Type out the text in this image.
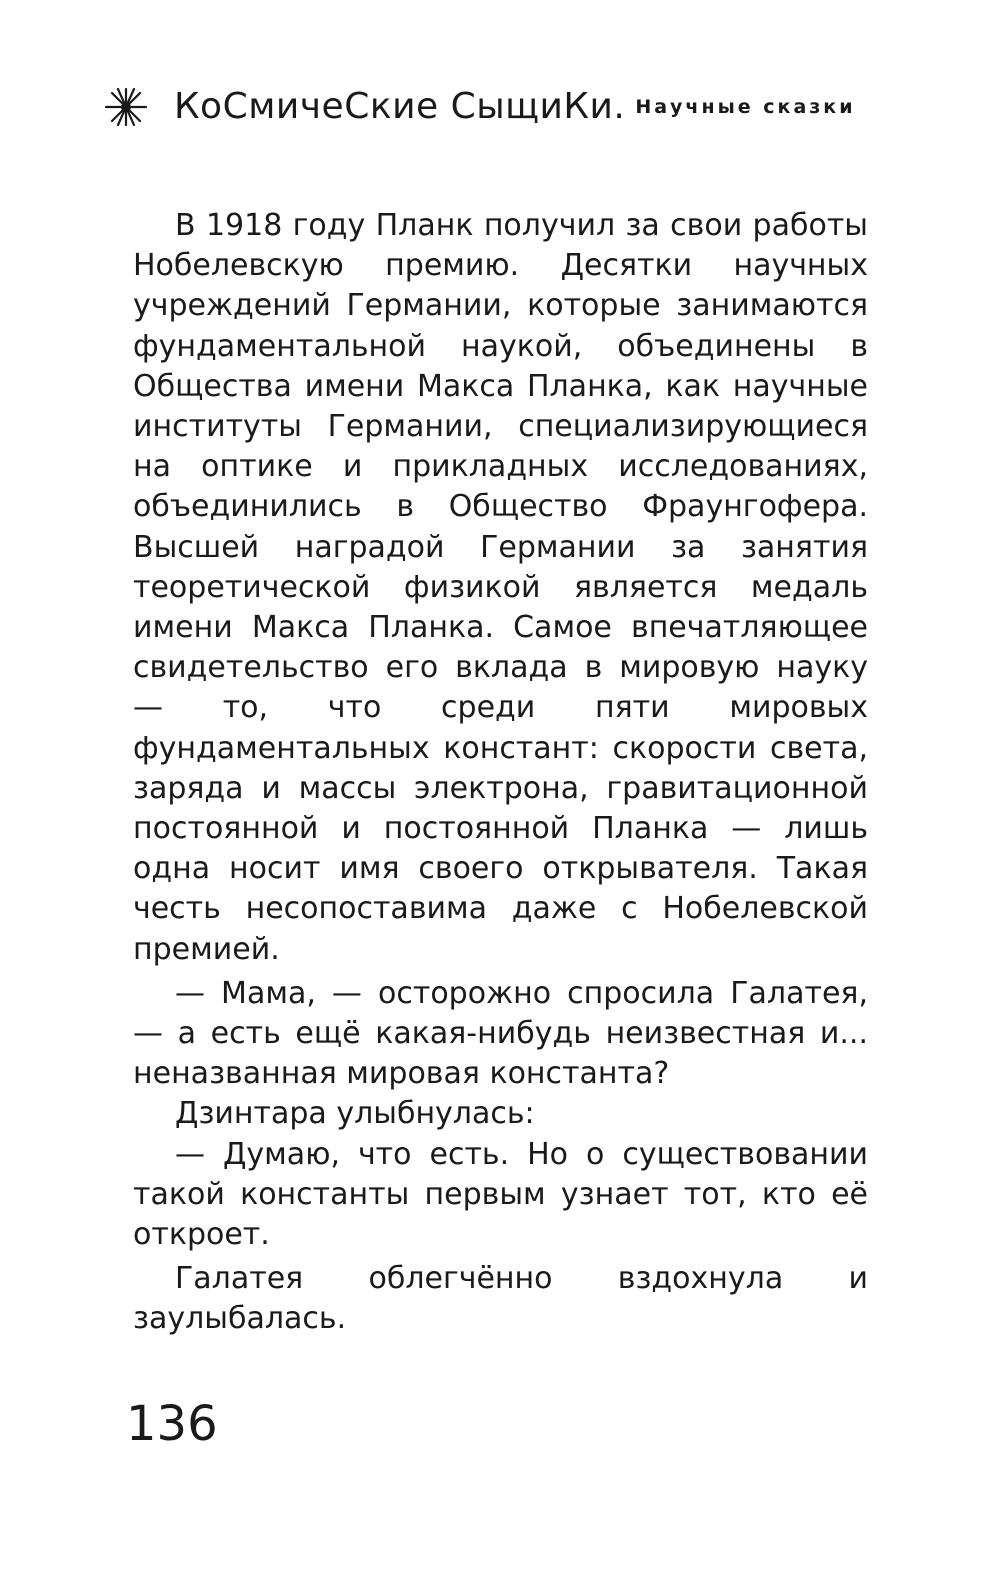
КоСмичеСкие СыщиКи. Научные сказки

В 1918 году Планк получил за свои работы Нобелевскую премию. Десятки научных учреждений Германии, которые занимаются фундаментальной наукой, объединены в Общества имени Макса Планка, как научные институты Германии, специализирующиеся на оптике и прикладных исследованиях, объединились в Общество Фраунгофера. Высшей наградой Германии за занятия теоретической физикой является медаль имени Макса Планка. Самое впечатляющее свидетельство его вклада в мировую науку — то, что среди пяти мировых фундаментальных констант: скорости света, заряда и массы электрона, гравитационной постоянной и постоянной Планка — лишь одна носит имя своего открывателя. Такая честь несопоставима даже с Нобелевской премией.

— Мама, — осторожно спросила Галатея, — а есть ещё какая-нибудь неизвестная и... неназванная мировая константа?

Дзинтара улыбнулась:

— Думаю, что есть. Но о существовании такой константы первым узнает тот, кто её откроет.

Галатея облегчённо вздохнула и заулыбалась.

136
